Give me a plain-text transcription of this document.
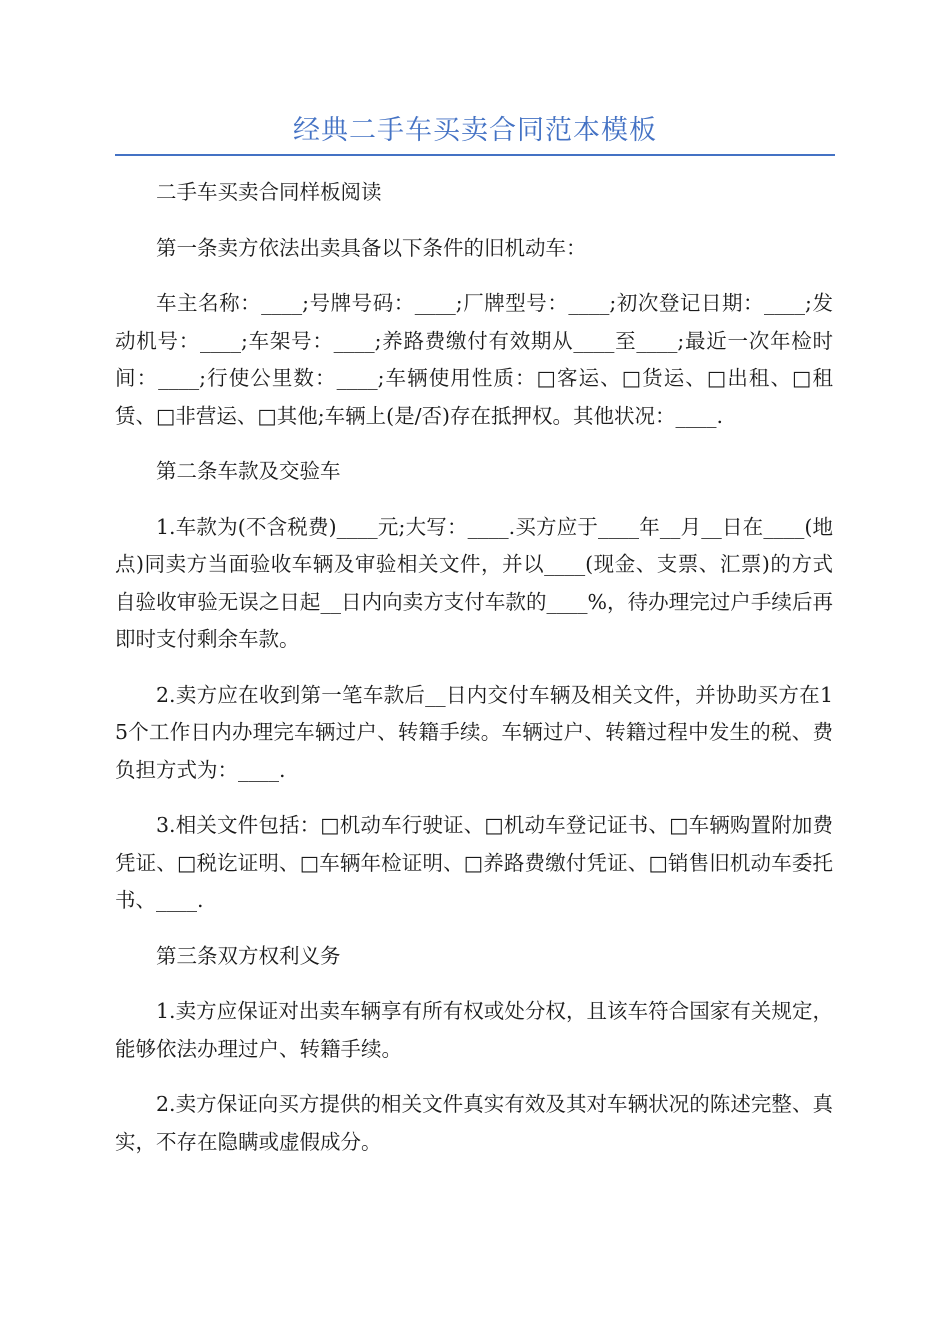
经典二手车买卖合同范本模板

二手车买卖合同样板阅读

第一条卖方依法出卖具备以下条件的旧机动车：

车主名称：____;号牌号码：____;厂牌型号：____;初次登记日期：____;发动机号：____;车架号：____;养路费缴付有效期从____至____;最近一次年检时间：____;行使公里数：____;车辆使用性质：□客运、□货运、□出租、□租赁、□非营运、□其他;车辆上(是/否)存在抵押权。其他状况：____.

第二条车款及交验车

1.车款为(不含税费)____元;大写：____.买方应于____年__月__日在____(地点)同卖方当面验收车辆及审验相关文件，并以____(现金、支票、汇票)的方式自验收审验无误之日起__日内向卖方支付车款的____%，待办理完过户手续后再即时支付剩余车款。

2.卖方应在收到第一笔车款后__日内交付车辆及相关文件，并协助买方在15个工作日内办理完车辆过户、转籍手续。车辆过户、转籍过程中发生的税、费负担方式为：____.

3.相关文件包括：□机动车行驶证、□机动车登记证书、□车辆购置附加费凭证、□税讫证明、□车辆年检证明、□养路费缴付凭证、□销售旧机动车委托书、____.

第三条双方权利义务

1.卖方应保证对出卖车辆享有所有权或处分权，且该车符合国家有关规定，能够依法办理过户、转籍手续。

2.卖方保证向买方提供的相关文件真实有效及其对车辆状况的陈述完整、真实，不存在隐瞒或虚假成分。
